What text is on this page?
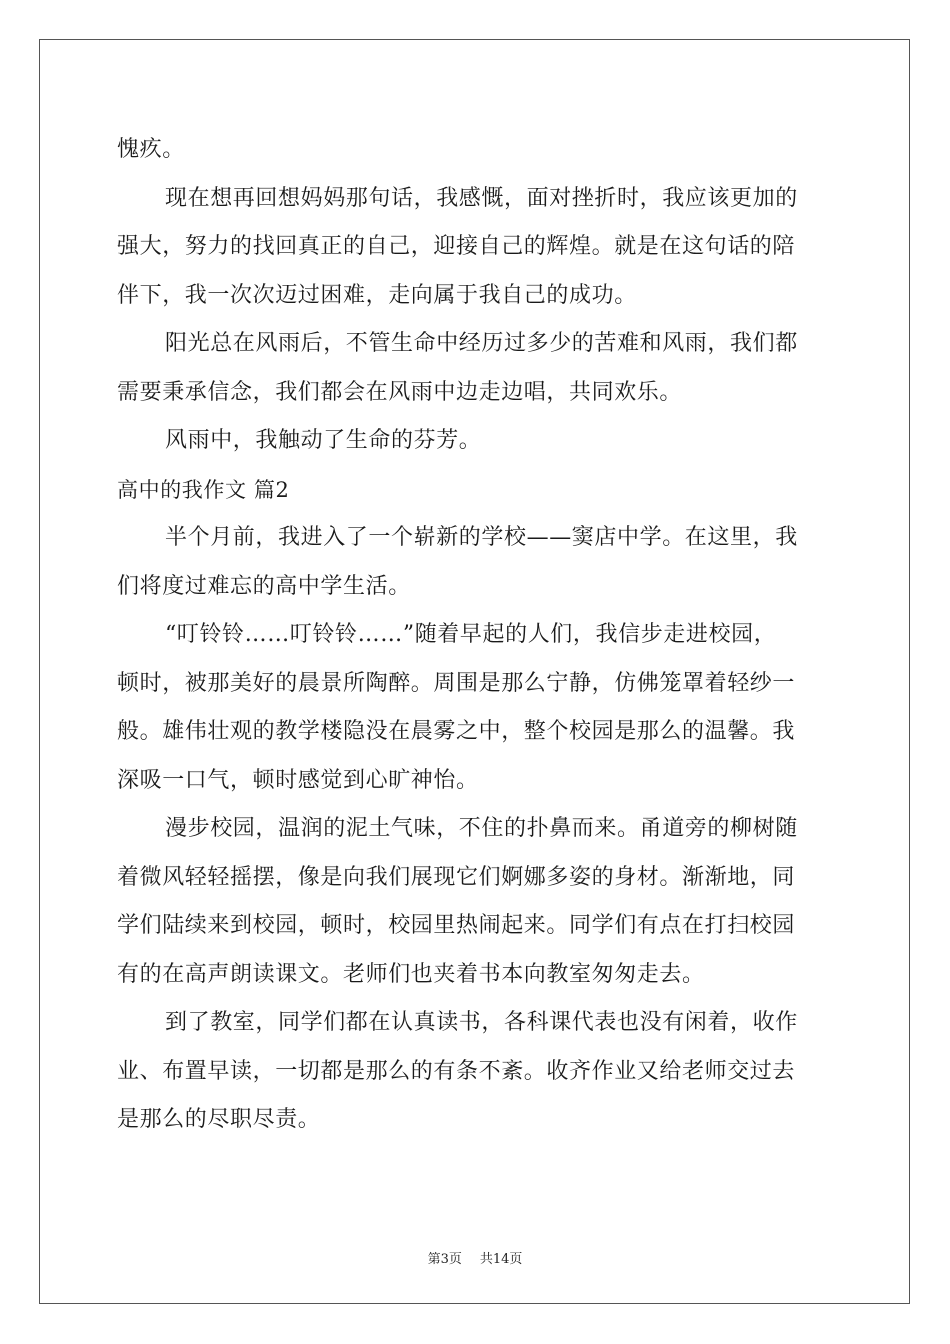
愧疚。
现在想再回想妈妈那句话，我感慨，面对挫折时，我应该更加的
强大，努力的找回真正的自己，迎接自己的辉煌。就是在这句话的陪
伴下，我一次次迈过困难，走向属于我自己的成功。
阳光总在风雨后，不管生命中经历过多少的苦难和风雨，我们都
需要秉承信念，我们都会在风雨中边走边唱，共同欢乐。
风雨中，我触动了生命的芬芳。
高中的我作文 篇2
半个月前，我进入了一个崭新的学校——窦店中学。在这里，我
们将度过难忘的高中学生活。
“叮铃铃……叮铃铃……”随着早起的人们，我信步走进校园，
顿时，被那美好的晨景所陶醉。周围是那么宁静，仿佛笼罩着轻纱一
般。雄伟壮观的教学楼隐没在晨雾之中，整个校园是那么的温馨。我
深吸一口气，顿时感觉到心旷神怡。
漫步校园，温润的泥土气味，不住的扑鼻而来。甬道旁的柳树随
着微风轻轻摇摆，像是向我们展现它们婀娜多姿的身材。渐渐地，同
学们陆续来到校园，顿时，校园里热闹起来。同学们有点在打扫校园
有的在高声朗读课文。老师们也夹着书本向教室匆匆走去。
到了教室，同学们都在认真读书，各科课代表也没有闲着，收作
业、布置早读，一切都是那么的有条不紊。收齐作业又给老师交过去
是那么的尽职尽责。
第3页 共14页
